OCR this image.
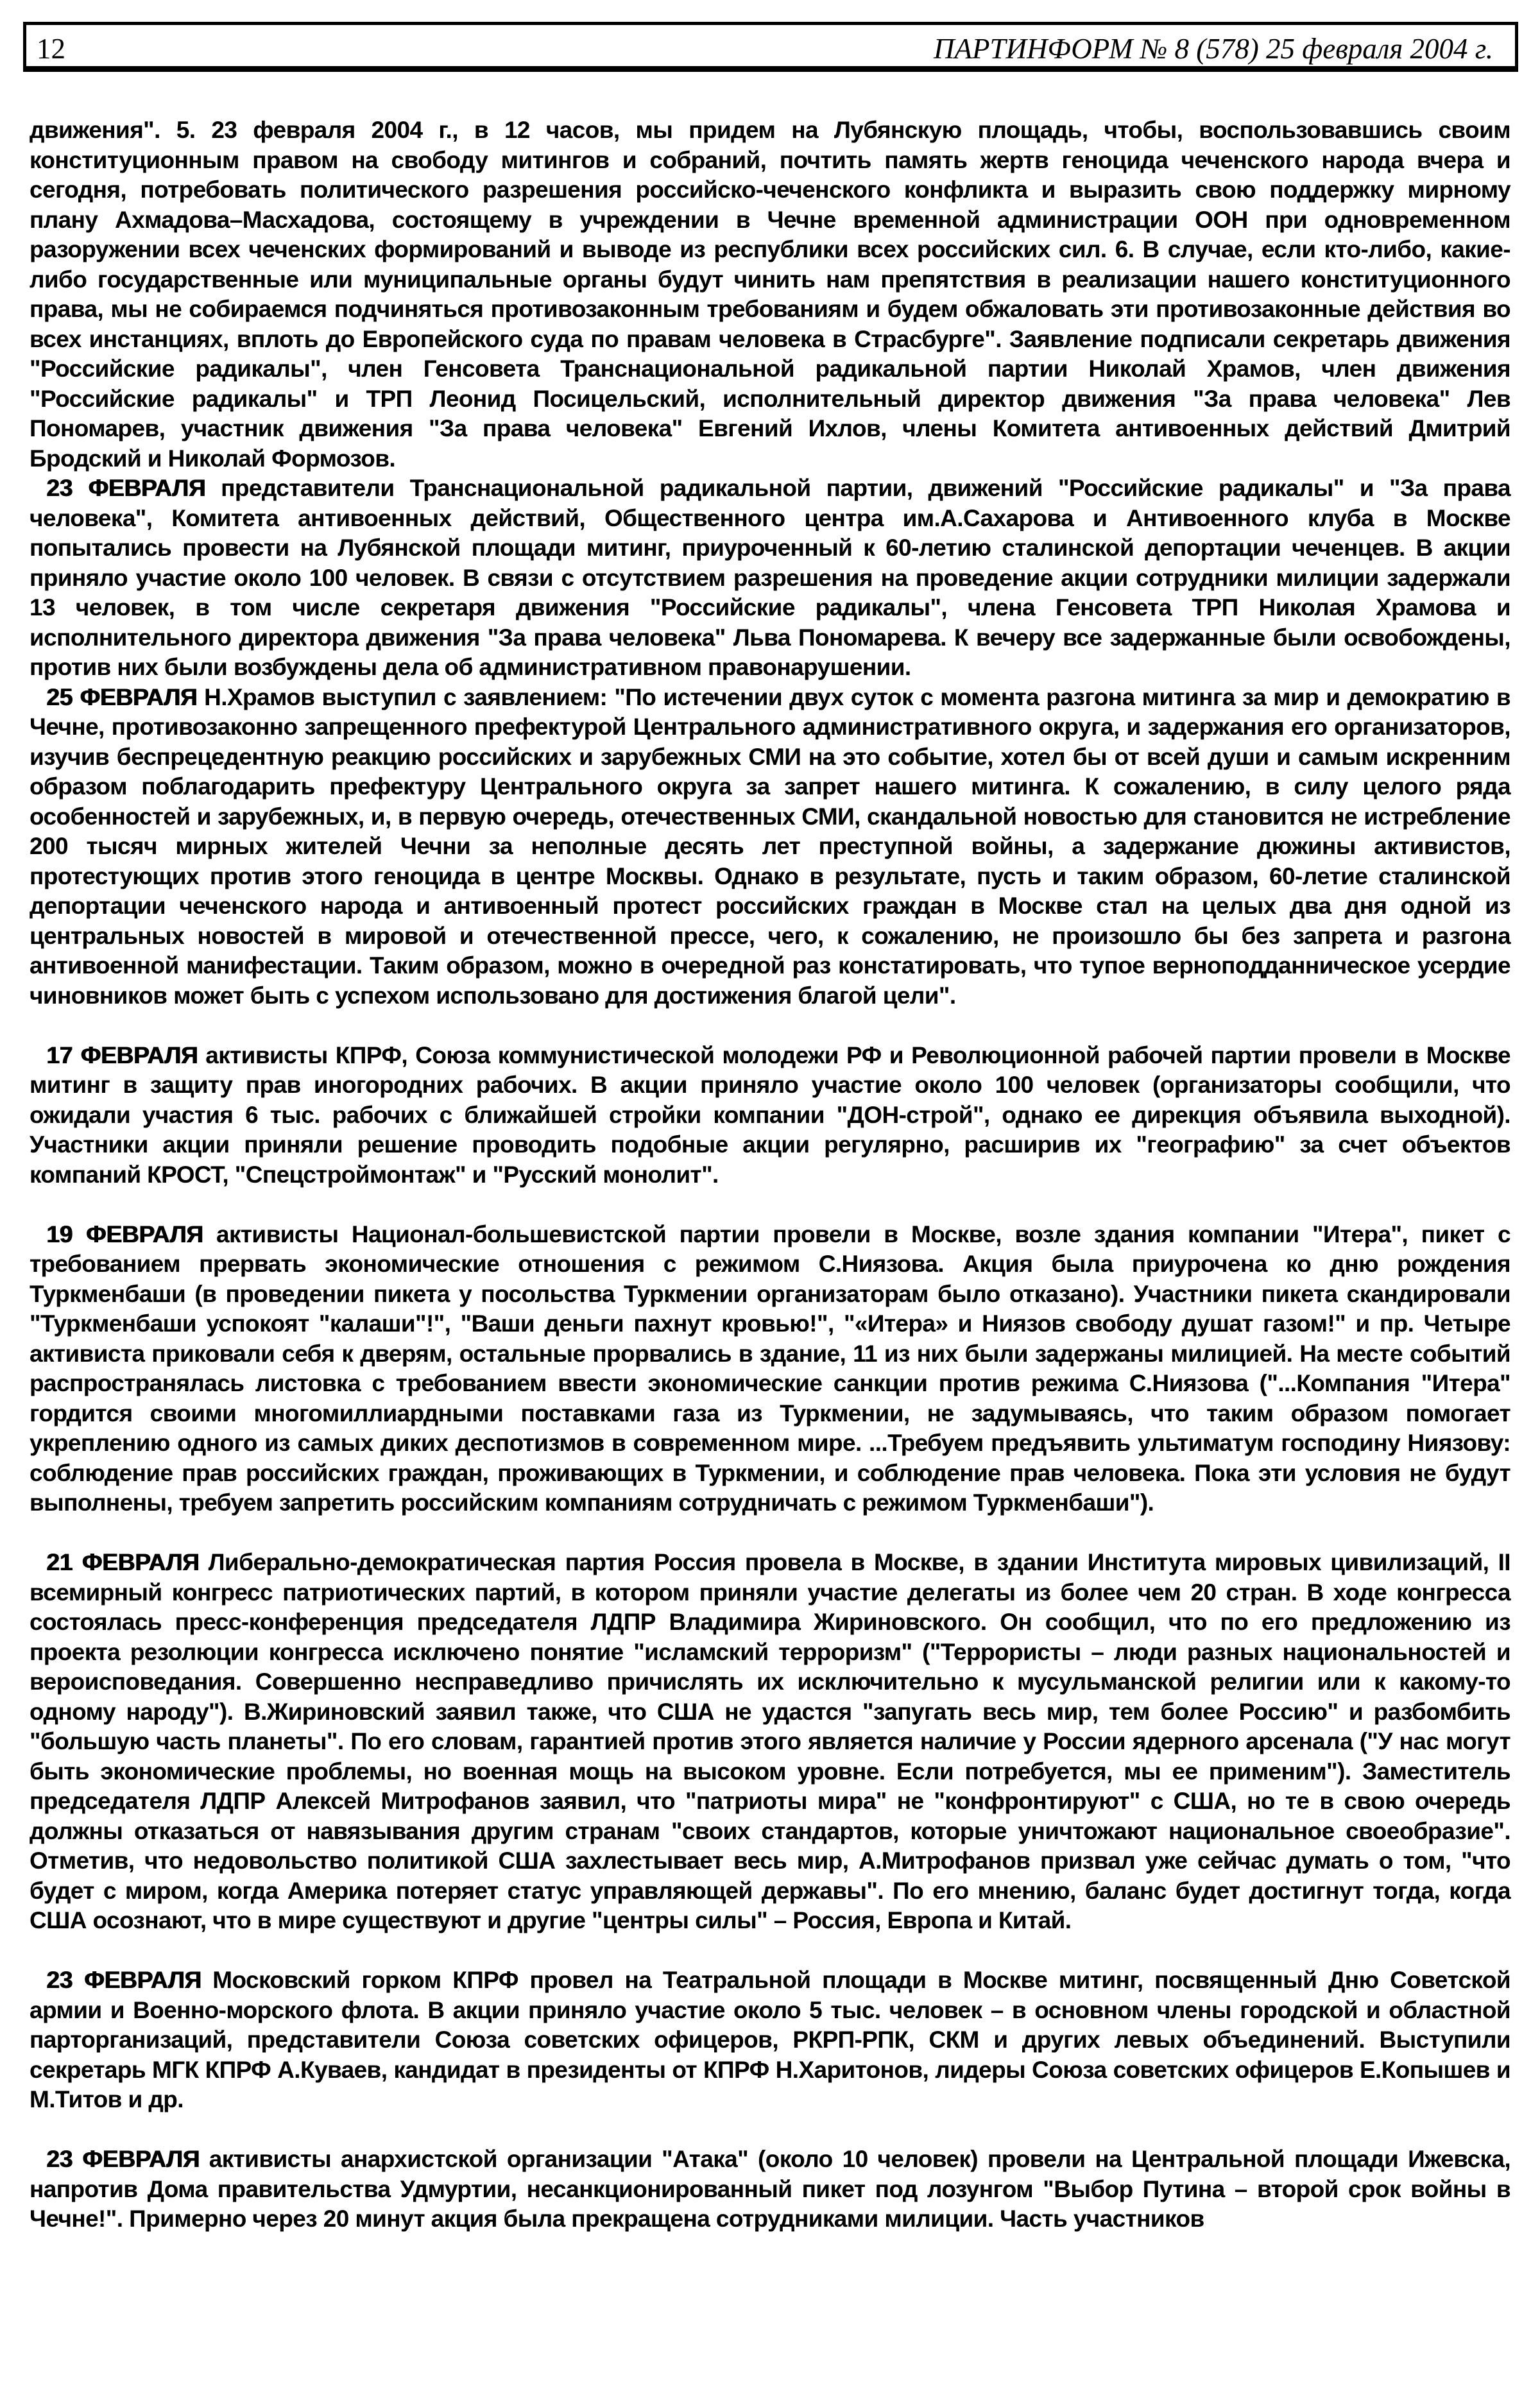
12	ПАРТИНФОРМ № 8 (578) 25 февраля 2004 г.

движения". 5. 23 февраля 2004 г., в 12 часов, мы придем на Лубянскую площадь, чтобы, воспользовавшись своим конституционным правом на свободу митингов и собраний, почтить память жертв геноцида чеченского народа вчера и сегодня, потребовать политического разрешения российско-чеченского конфликта и выразить свою поддержку мирному плану Ахмадова–Масхадова, состоящему в учреждении в Чечне временной администрации ООН при одновременном разоружении всех чеченских формирований и выводе из республики всех российских сил. 6. В случае, если кто-либо, какие-либо государственные или муниципальные органы будут чинить нам препятствия в реализации нашего конституционного права, мы не собираемся подчиняться противозаконным требованиям и будем обжаловать эти противозаконные действия во всех инстанциях, вплоть до Европейского суда по правам человека в Страсбурге". Заявление подписали секретарь движения "Российские радикалы", член Генсовета Транснациональной радикальной партии Николай Храмов, член движения "Российские радикалы" и ТРП Леонид Посицельский, исполнительный директор движения "За права человека" Лев Пономарев, участник движения "За права человека" Евгений Ихлов, члены Комитета антивоенных действий Дмитрий Бродский и Николай Формозов.

23 ФЕВРАЛЯ представители Транснациональной радикальной партии, движений "Российские радикалы" и "За права человека", Комитета антивоенных действий, Общественного центра им.А.Сахарова и Антивоенного клуба в Москве попытались провести на Лубянской площади митинг, приуроченный к 60-летию сталинской депортации чеченцев. В акции приняло участие около 100 человек. В связи с отсутствием разрешения на проведение акции сотрудники милиции задержали 13 человек, в том числе секретаря движения "Российские радикалы", члена Генсовета ТРП Николая Храмова и исполнительного директора движения "За права человека" Льва Пономарева. К вечеру все задержанные были освобождены, против них были возбуждены дела об административном правонарушении.

25 ФЕВРАЛЯ Н.Храмов выступил с заявлением: "По истечении двух суток с момента разгона митинга за мир и демократию в Чечне, противозаконно запрещенного префектурой Центрального административного округа, и задержания его организаторов, изучив беспрецедентную реакцию российских и зарубежных СМИ на это событие, хотел бы от всей души и самым искренним образом поблагодарить префектуру Центрального округа за запрет нашего митинга. К сожалению, в силу целого ряда особенностей и зарубежных, и, в первую очередь, отечественных СМИ, скандальной новостью для становится не истребление 200 тысяч мирных жителей Чечни за неполные десять лет преступной войны, а задержание дюжины активистов, протестующих против этого геноцида в центре Москвы. Однако в результате, пусть и таким образом, 60-летие сталинской депортации чеченского народа и антивоенный протест российских граждан в Москве стал на целых два дня одной из центральных новостей в мировой и отечественной прессе, чего, к сожалению, не произошло бы без запрета и разгона антивоенной манифестации. Таким образом, можно в очередной раз констатировать, что тупое верноподданническое усердие чиновников может быть с успехом использовано для достижения благой цели".

17 ФЕВРАЛЯ активисты КПРФ, Союза коммунистической молодежи РФ и Революционной рабочей партии провели в Москве митинг в защиту прав иногородних рабочих. В акции приняло участие около 100 человек (организаторы сообщили, что ожидали участия 6 тыс. рабочих с ближайшей стройки компании "ДОН-строй", однако ее дирекция объявила выходной). Участники акции приняли решение проводить подобные акции регулярно, расширив их "географию" за счет объектов компаний КРОСТ, "Спецстроймонтаж" и "Русский монолит".

19 ФЕВРАЛЯ активисты Национал-большевистской партии провели в Москве, возле здания компании "Итера", пикет с требованием прервать экономические отношения с режимом С.Ниязова. Акция была приурочена ко дню рождения Туркменбаши (в проведении пикета у посольства Туркмении организаторам было отказано). Участники пикета скандировали "Туркменбаши успокоят "калаши"!", "Ваши деньги пахнут кровью!", "«Итера» и Ниязов свободу душат газом!" и пр. Четыре активиста приковали себя к дверям, остальные прорвались в здание, 11 из них были задержаны милицией. На месте событий распространялась листовка с требованием ввести экономические санкции против режима С.Ниязова ("...Компания "Итера" гордится своими многомиллиардными поставками газа из Туркмении, не задумываясь, что таким образом помогает укреплению одного из самых диких деспотизмов в современном мире. ...Требуем предъявить ультиматум господину Ниязову: соблюдение прав российских граждан, проживающих в Туркмении, и соблюдение прав человека. Пока эти условия не будут выполнены, требуем запретить российским компаниям сотрудничать с режимом Туркменбаши").

21 ФЕВРАЛЯ Либерально-демократическая партия Россия провела в Москве, в здании Института мировых цивилизаций, II всемирный конгресс патриотических партий, в котором приняли участие делегаты из более чем 20 стран. В ходе конгресса состоялась пресс-конференция председателя ЛДПР Владимира Жириновского. Он сообщил, что по его предложению из проекта резолюции конгресса исключено понятие "исламский терроризм" ("Террористы – люди разных национальностей и вероисповедания. Совершенно несправедливо причислять их исключительно к мусульманской религии или к какому-то одному народу"). В.Жириновский заявил также, что США не удастся "запугать весь мир, тем более Россию" и разбомбить "большую часть планеты". По его словам, гарантией против этого является наличие у России ядерного арсенала ("У нас могут быть экономические проблемы, но военная мощь на высоком уровне. Если потребуется, мы ее применим"). Заместитель председателя ЛДПР Алексей Митрофанов заявил, что "патриоты мира" не "конфронтируют" с США, но те в свою очередь должны отказаться от навязывания другим странам "своих стандартов, которые уничтожают национальное своеобразие". Отметив, что недовольство политикой США захлестывает весь мир, А.Митрофанов призвал уже сейчас думать о том, "что будет с миром, когда Америка потеряет статус управляющей державы". По его мнению, баланс будет достигнут тогда, когда США осознают, что в мире существуют и другие "центры силы" – Россия, Европа и Китай.

23 ФЕВРАЛЯ Московский горком КПРФ провел на Театральной площади в Москве митинг, посвященный Дню Советской армии и Военно-морского флота. В акции приняло участие около 5 тыс. человек – в основном члены городской и областной парторганизаций, представители Союза советских офицеров, РКРП-РПК, СКМ и других левых объединений. Выступили секретарь МГК КПРФ А.Куваев, кандидат в президенты от КПРФ Н.Харитонов, лидеры Союза советских офицеров Е.Копышев и М.Титов и др.

23 ФЕВРАЛЯ активисты анархистской организации "Атака" (около 10 человек) провели на Центральной площади Ижевска, напротив Дома правительства Удмуртии, несанкционированный пикет под лозунгом "Выбор Путина – второй срок войны в Чечне!". Примерно через 20 минут акция была прекращена сотрудниками милиции. Часть участников
